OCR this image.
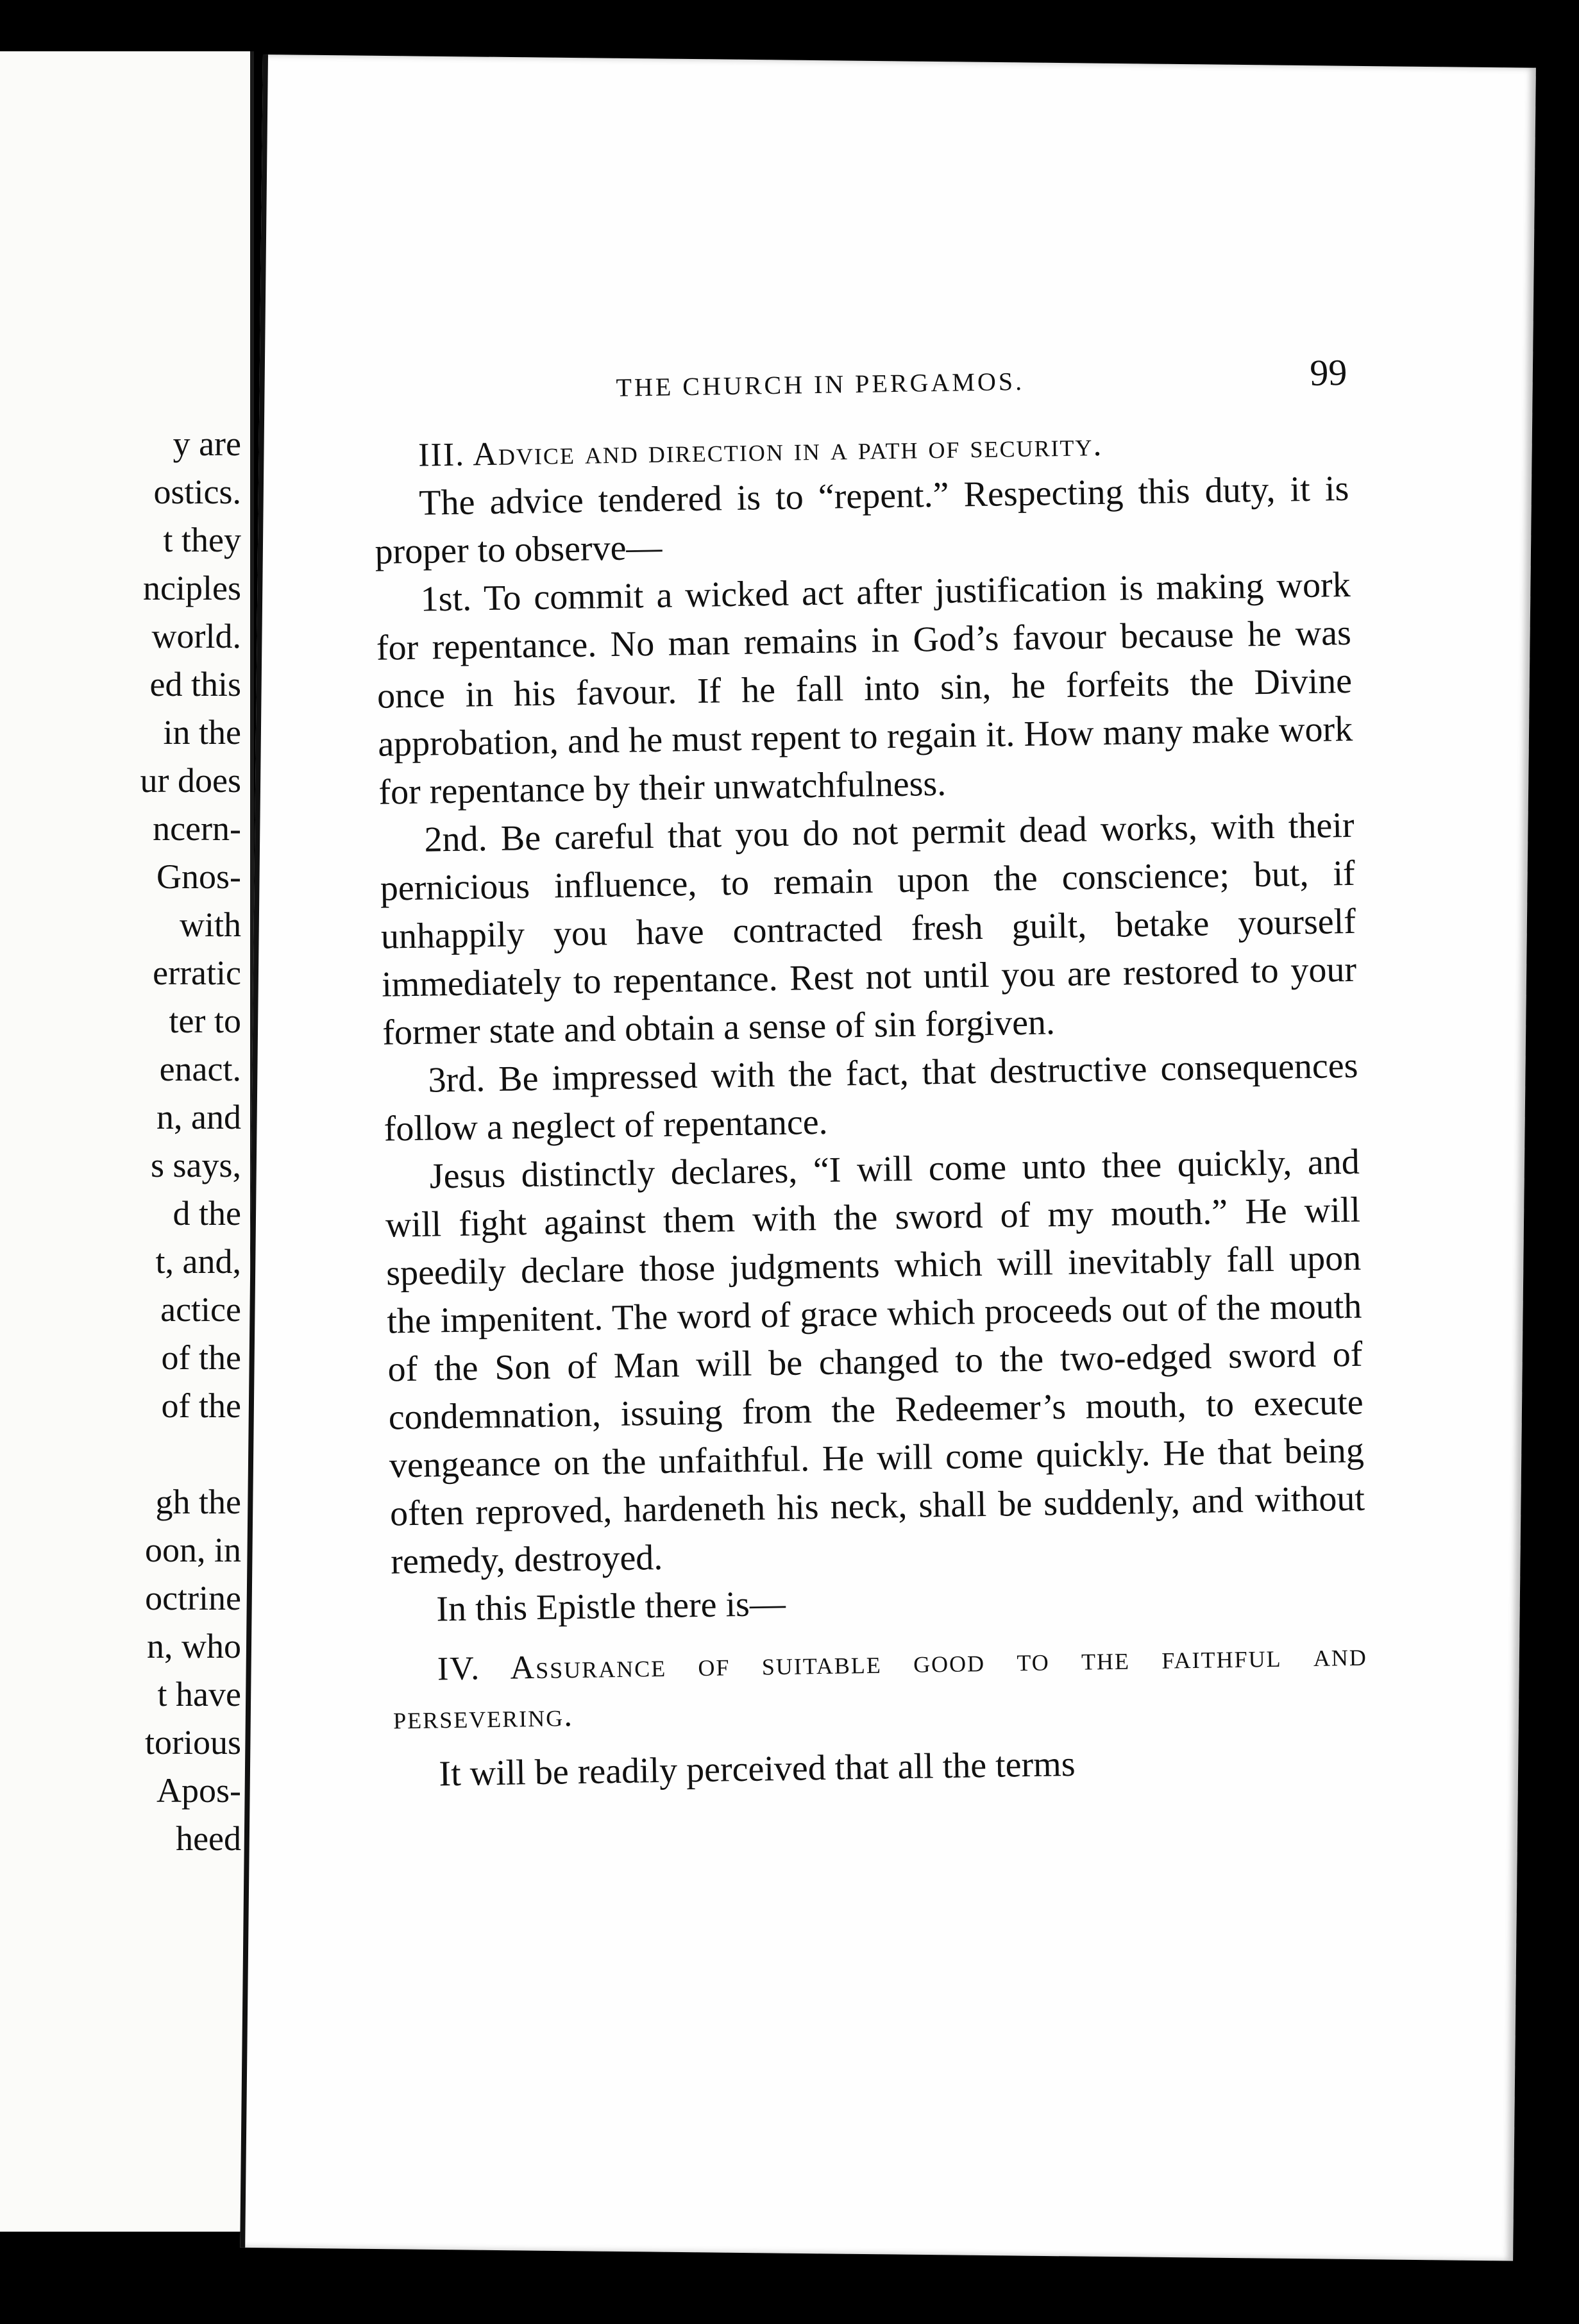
y are
ostics.
t they
nciples
world.
ed this
in the
ur does
ncern-
Gnos-
with
erratic
ter to
enact.
n, and
s says,
d the
t, and,
actice
of the
of the
gh the
oon, in
octrine
n, who
t have
torious
Apos-
heed
THE CHURCH IN PERGAMOS.	99

III. Advice and direction in a path of security.

The advice tendered is to “repent.” Respecting this duty, it is proper to observe—

1st. To commit a wicked act after justification is making work for repentance. No man remains in God’s favour because he was once in his favour. If he fall into sin, he forfeits the Divine approbation, and he must repent to regain it. How many make work for repentance by their unwatchfulness.

2nd. Be careful that you do not permit dead works, with their pernicious influence, to remain upon the conscience; but, if unhappily you have contracted fresh guilt, betake yourself immediately to repentance. Rest not until you are restored to your former state and obtain a sense of sin forgiven.

3rd. Be impressed with the fact, that destructive consequences follow a neglect of repentance.

Jesus distinctly declares, “I will come unto thee quickly, and will fight against them with the sword of my mouth.” He will speedily declare those judgments which will inevitably fall upon the impenitent. The word of grace which proceeds out of the mouth of the Son of Man will be changed to the two-edged sword of condemnation, issuing from the Redeemer’s mouth, to execute vengeance on the unfaithful. He will come quickly. He that being often reproved, hardeneth his neck, shall be suddenly, and without remedy, destroyed.

In this Epistle there is—

IV. Assurance of suitable good to the faithful and persevering.

It will be readily perceived that all the terms
